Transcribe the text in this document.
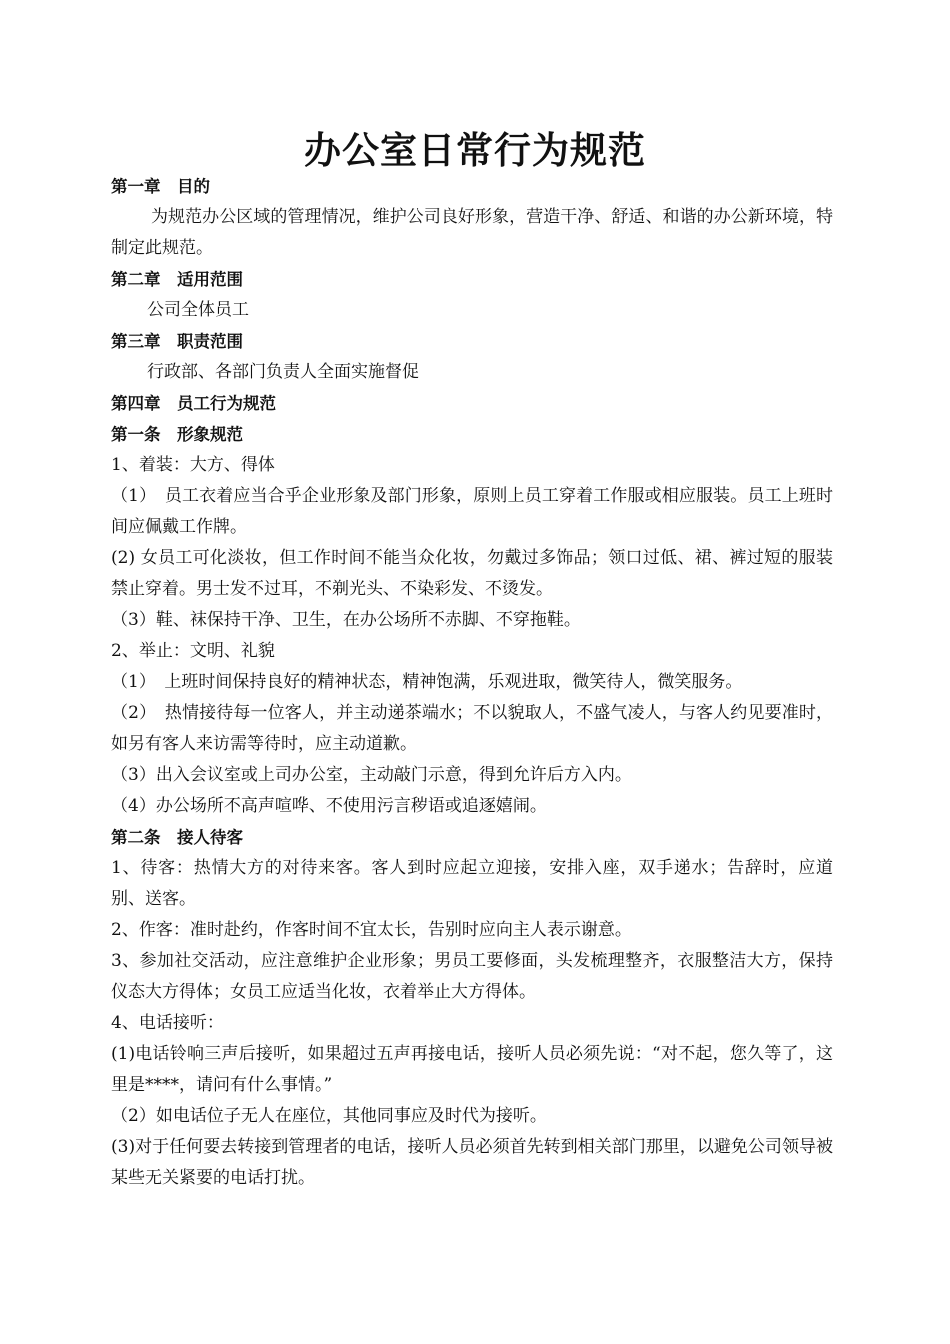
办公室日常行为规范

第一章　目的

为规范办公区域的管理情况，维护公司良好形象，营造干净、舒适、和谐的办公新环境，特制定此规范。

第二章　适用范围

公司全体员工

第三章　职责范围

行政部、各部门负责人全面实施督促

第四章　员工行为规范

第一条　形象规范

1、着装：大方、得体

（1）　员工衣着应当合乎企业形象及部门形象，原则上员工穿着工作服或相应服装。员工上班时间应佩戴工作牌。

(2) 女员工可化淡妆，但工作时间不能当众化妆，勿戴过多饰品；领口过低、裙、裤过短的服装禁止穿着。男士发不过耳，不剃光头、不染彩发、不烫发。

（3）鞋、袜保持干净、卫生，在办公场所不赤脚、不穿拖鞋。

2、举止：文明、礼貌

（1）　上班时间保持良好的精神状态，精神饱满，乐观进取，微笑待人，微笑服务。

（2）　热情接待每一位客人，并主动递茶端水；不以貌取人，不盛气凌人，与客人约见要准时，如另有客人来访需等待时，应主动道歉。

（3）出入会议室或上司办公室，主动敲门示意，得到允许后方入内。

（4）办公场所不高声喧哗、不使用污言秽语或追逐嬉闹。

第二条　接人待客

1、待客：热情大方的对待来客。客人到时应起立迎接，安排入座，双手递水；告辞时，应道别、送客。

2、作客：准时赴约，作客时间不宜太长，告别时应向主人表示谢意。

3、参加社交活动，应注意维护企业形象；男员工要修面，头发梳理整齐，衣服整洁大方，保持仪态大方得体；女员工应适当化妆，衣着举止大方得体。

4、电话接听：

(1)电话铃响三声后接听，如果超过五声再接电话，接听人员必须先说：“对不起，您久等了，这里是****，请问有什么事情。”

（2）如电话位子无人在座位，其他同事应及时代为接听。

(3)对于任何要去转接到管理者的电话，接听人员必须首先转到相关部门那里，以避免公司领导被某些无关紧要的电话打扰。
